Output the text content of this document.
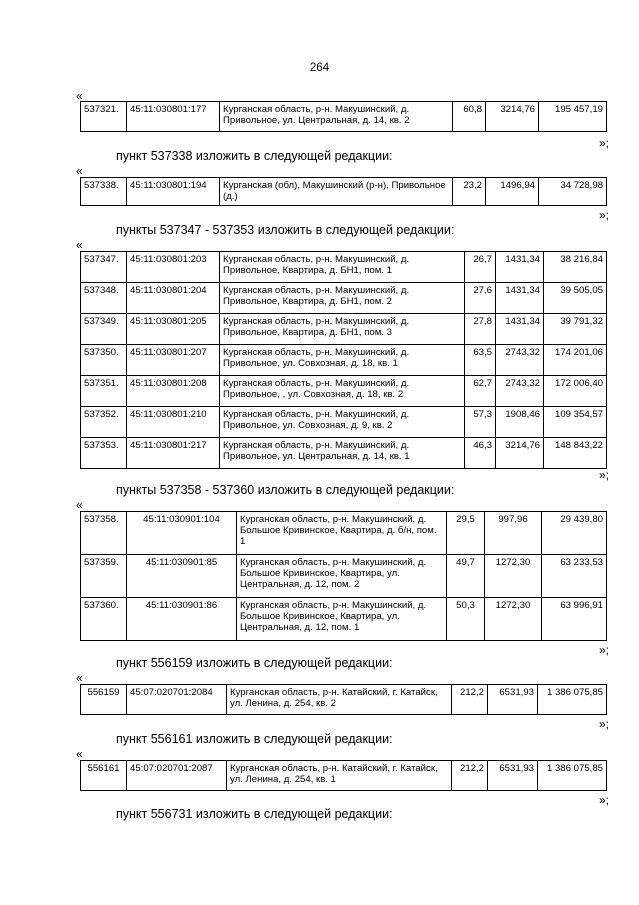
264
«
537321.	45:11:030801:177	Курганская область, р-н. Макушинский, д. Привольное, ул. Центральная, д. 14, кв. 2	60,8	3214,76	195 457,19
»;
пункт 537338 изложить в следующей редакции:
«
537338.	45:11:030801:194	Курганская (обл), Макушинский (р-н), Привольное (д.)	23,2	1496,94	34 728,98
»;
пункты 537347 - 537353 изложить в следующей редакции:
«
537347.	45:11:030801:203	Курганская область, р-н. Макушинский, д. Привольное, Квартира, д. БН1, пом. 1	26,7	1431,34	38 216,84
537348.	45:11:030801:204	Курганская область, р-н. Макушинский, д. Привольное, Квартира, д. БН1, пом. 2	27,6	1431,34	39 505,05
537349.	45:11:030801:205	Курганская область, р-н. Макушинский, д. Привольное, Квартира, д. БН1, пом. 3	27,8	1431,34	39 791,32
537350.	45:11:030801:207	Курганская область, р-н. Макушинский, д. Привольное, ул. Совхозная, д. 18, кв. 1	63,5	2743,32	174 201,06
537351.	45:11:030801:208	Курганская область, р-н. Макушинский, д. Привольное, , ул. Совхозная, д. 18, кв. 2	62,7	2743,32	172 006,40
537352.	45:11:030801:210	Курганская область, р-н. Макушинский, д. Привольное, ул. Совхозная, д. 9, кв. 2	57,3	1908,46	109 354,57
537353.	45:11:030801:217	Курганская область, р-н. Макушинский, д. Привольное, ул. Центральная, д. 14, кв. 1	46,3	3214,76	148 843,22
»;
пункты 537358 - 537360 изложить в следующей редакции:
«
537358.	45:11:030901:104	Курганская область, р-н. Макушинский, д. Большое Кривинское, Квартира, д. б/н, пом. 1	29,5	997,96	29 439,80
537359.	45:11:030901:85	Курганская область, р-н. Макушинский, д. Большое Кривинское, Квартира, ул. Центральная, д. 12, пом. 2	49,7	1272,30	63 233,53
537360.	45:11:030901:86	Курганская область, р-н. Макушинский, д. Большое Кривинское, Квартира, ул. Центральная, д. 12, пом. 1	50,3	1272,30	63 996,91
»;
пункт 556159 изложить в следующей редакции:
«
556159	45:07:020701:2084	Курганская область, р-н. Катайский, г. Катайск, ул. Ленина, д. 254, кв. 2	212,2	6531,93	1 386 075,85
»;
пункт 556161 изложить в следующей редакции:
«
556161	45:07:020701:2087	Курганская область, р-н. Катайский, г. Катайск, ул. Ленина, д. 254, кв. 1	212,2	6531,93	1 386 075,85
»;
пункт 556731 изложить в следующей редакции:
